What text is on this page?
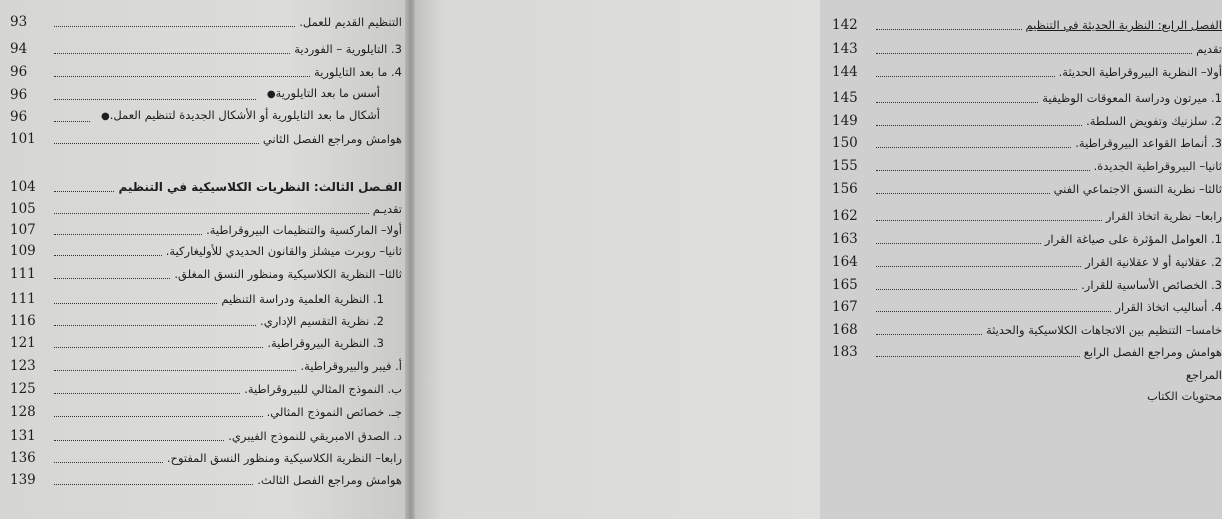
93	التنظيم القديم للعمل.
94	3. التايلورية – الفوردية
96	4. ما بعد التايلورية
96	أسس ما بعد التايلورية●
96	أشكال ما بعد التايلورية أو الأشكال الجديدة لتنظيم العمل.●
101	هوامش ومراجع الفصل الثاني
104	الفـصل الثالث: النظريات الكلاسيكية في التنظيم
105	تقديـم
107	أولا– الماركسية والتنظيمات البيروقراطية.
109	ثانيا– روبرت ميشلز والقانون الحديدي للأوليغاركية.
111	ثالثا– النظرية الكلاسيكية ومنظور النسق المغلق.
111	1. النظرية العلمية ودراسة التنظيم
116	2. نظرية التقسيم الإداري.
121	3. النظرية البيروقراطية.
123	أ. فيبر والبيروقراطية.
125	ب. النموذج المثالي للبيروقراطية.
128	جـ. خصائص النموذج المثالي.
131	د. الصدق الامبريقي للنموذج الفيبري.
136	رابعا– النظرية الكلاسيكية ومنظور النسق المفتوح.
139	هوامش ومراجع الفصل الثالث.
142	الفصل الرابع: النظرية الحديثة في التنظيم
143	تقديم
144	أولا– النظرية البيروقراطية الحديثة.
145	1. ميرتون ودراسة المعوقات الوظيفية
149	2. سلزنيك وتفويض السلطة.
150	3. أنماط القواعد البيروقراطية.
155	ثانيا– البيروقراطية الجديدة.
156	ثالثا– نظرية النسق الاجتماعي الفني
162	رابعا– نظرية اتخاذ القرار
163	1. العوامل المؤثرة على صياغة القرار
164	2. عقلانية أو لا عقلانية القرار
165	3. الخصائص الأساسية للقرار.
167	4. أساليب اتخاذ القرار
168	خامسا– التنظيم بين الاتجاهات الكلاسيكية والحديثة
183	هوامش ومراجع الفصل الرابع
المراجع
محتويات الكتاب
